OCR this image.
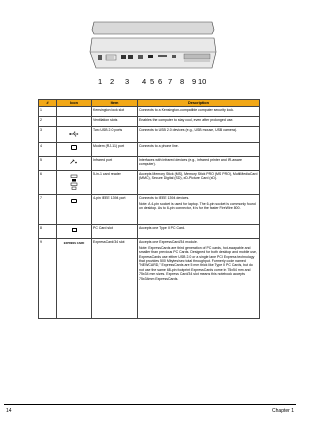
1 2 3 4 5 6 7 8 9 10
#	Icon	Item	Description
1		Kensington lock slot	Connects to a Kensington-compatible computer security lock.
2		Ventilation slots	Enables the computer to stay cool, even after prolonged use.
3		Two USB 2.0 ports	Connects to USB 2.0 devices (e.g., USB mouse, USB camera).
4		Modem (RJ-11) port	Connects to a phone line.
5		Infrared port	Interfaces with infrared devices (e.g., infrared printer and IR-aware computer).
6		5-in-1 card reader	Accepts Memory Stick (MS), Memory Stick PRO (MS PRO), MultiMediaCard (MMC), Secure Digital (SD), xD-Picture Card (xD).
7		4-pin IEEE 1394 port	Connects to IEEE 1394 devices.
Note: A 4-pin socket is used for laptop. The 6-pin socket is commonly found on desktop. As to 6-pin connector, it is for the faster FireWire 800.

8		PC Card slot	Accepts one Type II PC Card.
9	EXPRESS CARD	ExpressCard/34 slot	Accepts one ExpressCard/34 module.
Note: ExpressCards are third generation of PC cards, hot-swapable and smaller than previous PC Cards. Designed for both desktop and mobile use, ExpressCards use either USB 2.0 or a single lane PCI Express technology that provides 500 Mbytes/sec total throughput. Formerly code named "NEWCARD," ExpressCards are 5 mm thick like Type II PC Cards, but do not use the same 68-pin footprint ExpressCards come in 75x54 mm and 75x34 mm sizes. Express Card/34 slot means this notebook accepts 75x34mm ExpressCards.
14	Chapter 1
